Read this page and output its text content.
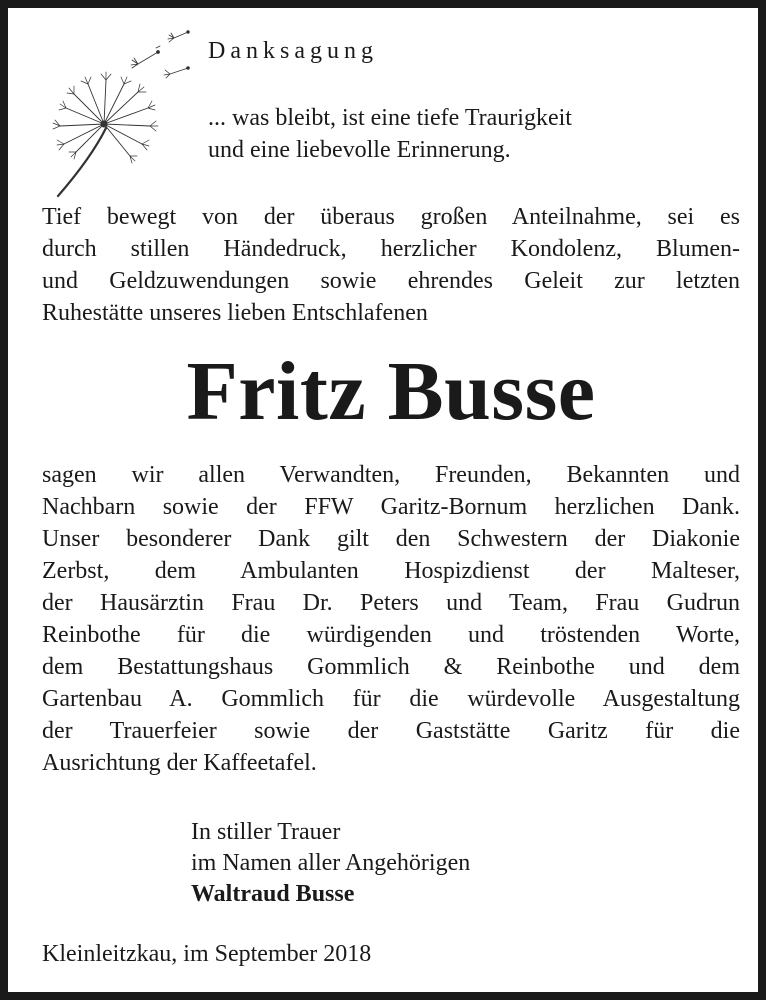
Danksagung
... was bleibt, ist eine tiefe Traurigkeit
und eine liebevolle Erinnerung.
Tief bewegt von der überaus großen Anteilnahme, sei es
durch stillen Händedruck, herzlicher Kondolenz, Blumen-
und Geldzuwendungen sowie ehrendes Geleit zur letzten
Ruhestätte unseres lieben Entschlafenen
Fritz Busse
sagen wir allen Verwandten, Freunden, Bekannten und
Nachbarn sowie der FFW Garitz-Bornum herzlichen Dank.
Unser besonderer Dank gilt den Schwestern der Diakonie
Zerbst, dem Ambulanten Hospizdienst der Malteser,
der Hausärztin Frau Dr. Peters und Team, Frau Gudrun
Reinbothe für die würdigenden und tröstenden Worte,
dem Bestattungshaus Gommlich & Reinbothe und dem
Gartenbau A. Gommlich für die würdevolle Ausgestaltung
der Trauerfeier sowie der Gaststätte Garitz für die
Ausrichtung der Kaffeetafel.
In stiller Trauer
im Namen aller Angehörigen
Waltraud Busse
Kleinleitzkau, im September 2018
